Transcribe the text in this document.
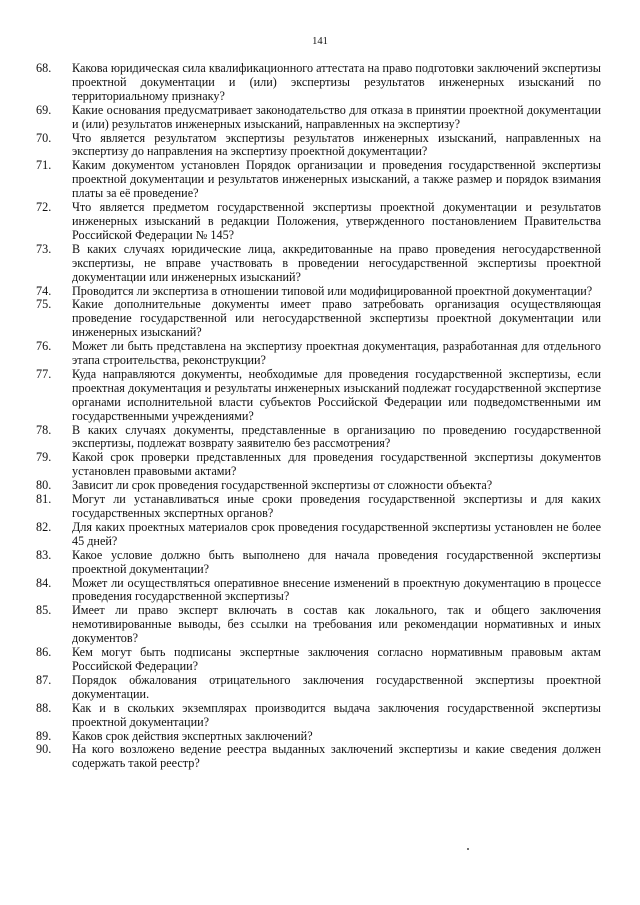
141
68.	Какова юридическая сила квалификационного аттестата на право подготовки заключений экспертизы проектной документации и (или) экспертизы результатов инженерных изысканий по территориальному признаку?
69.	Какие основания предусматривает законодательство для отказа в принятии проектной документации и (или) результатов инженерных изысканий, направленных на экспертизу?
70.	Что является результатом экспертизы результатов инженерных изысканий, направленных на экспертизу до направления на экспертизу проектной документации?
71.	Каким документом установлен Порядок организации и проведения государственной экспертизы проектной документации и результатов инженерных изысканий, а также размер и порядок взимания платы за её проведение?
72.	Что является предметом государственной экспертизы проектной документации и результатов инженерных изысканий в редакции Положения, утвержденного постановлением Правительства Российской Федерации № 145?
73.	В каких случаях юридические лица, аккредитованные на право проведения негосударственной экспертизы, не вправе участвовать в проведении негосударственной экспертизы проектной документации или инженерных изысканий?
74.	Проводится ли экспертиза в отношении типовой или модифицированной проектной документации?
75.	Какие дополнительные документы имеет право затребовать организация осуществляющая проведение государственной или негосударственной экспертизы проектной документации или инженерных изысканий?
76.	Может ли быть представлена на экспертизу проектная документация, разработанная для отдельного этапа строительства, реконструкции?
77.	Куда направляются документы, необходимые для проведения государственной экспертизы, если проектная документация и результаты инженерных изысканий подлежат государственной экспертизе органами исполнительной власти субъектов Российской Федерации или подведомственными им государственными учреждениями?
78.	В каких случаях документы, представленные в организацию по проведению государственной экспертизы, подлежат возврату заявителю без рассмотрения?
79.	Какой срок проверки представленных для проведения государственной экспертизы документов установлен правовыми актами?
80.	Зависит ли срок проведения государственной экспертизы от сложности объекта?
81.	Могут ли устанавливаться иные сроки проведения государственной экспертизы и для каких государственных экспертных органов?
82.	Для каких проектных материалов срок проведения государственной экспертизы установлен не более 45 дней?
83.	Какое условие должно быть выполнено для начала проведения государственной экспертизы проектной документации?
84.	Может ли осуществляться оперативное внесение изменений в проектную документацию в процессе проведения государственной экспертизы?
85.	Имеет ли право эксперт включать в состав как локального, так и общего заключения немотивированные выводы, без ссылки на требования или рекомендации нормативных и иных документов?
86.	Кем могут быть подписаны экспертные заключения согласно нормативным правовым актам Российской Федерации?
87.	Порядок обжалования отрицательного заключения государственной экспертизы проектной документации.
88.	Как и в скольких экземплярах производится выдача заключения государственной экспертизы проектной документации?
89.	Каков срок действия экспертных заключений?
90.	На кого возложено ведение реестра выданных заключений экспертизы и какие сведения должен содержать такой реестр?
